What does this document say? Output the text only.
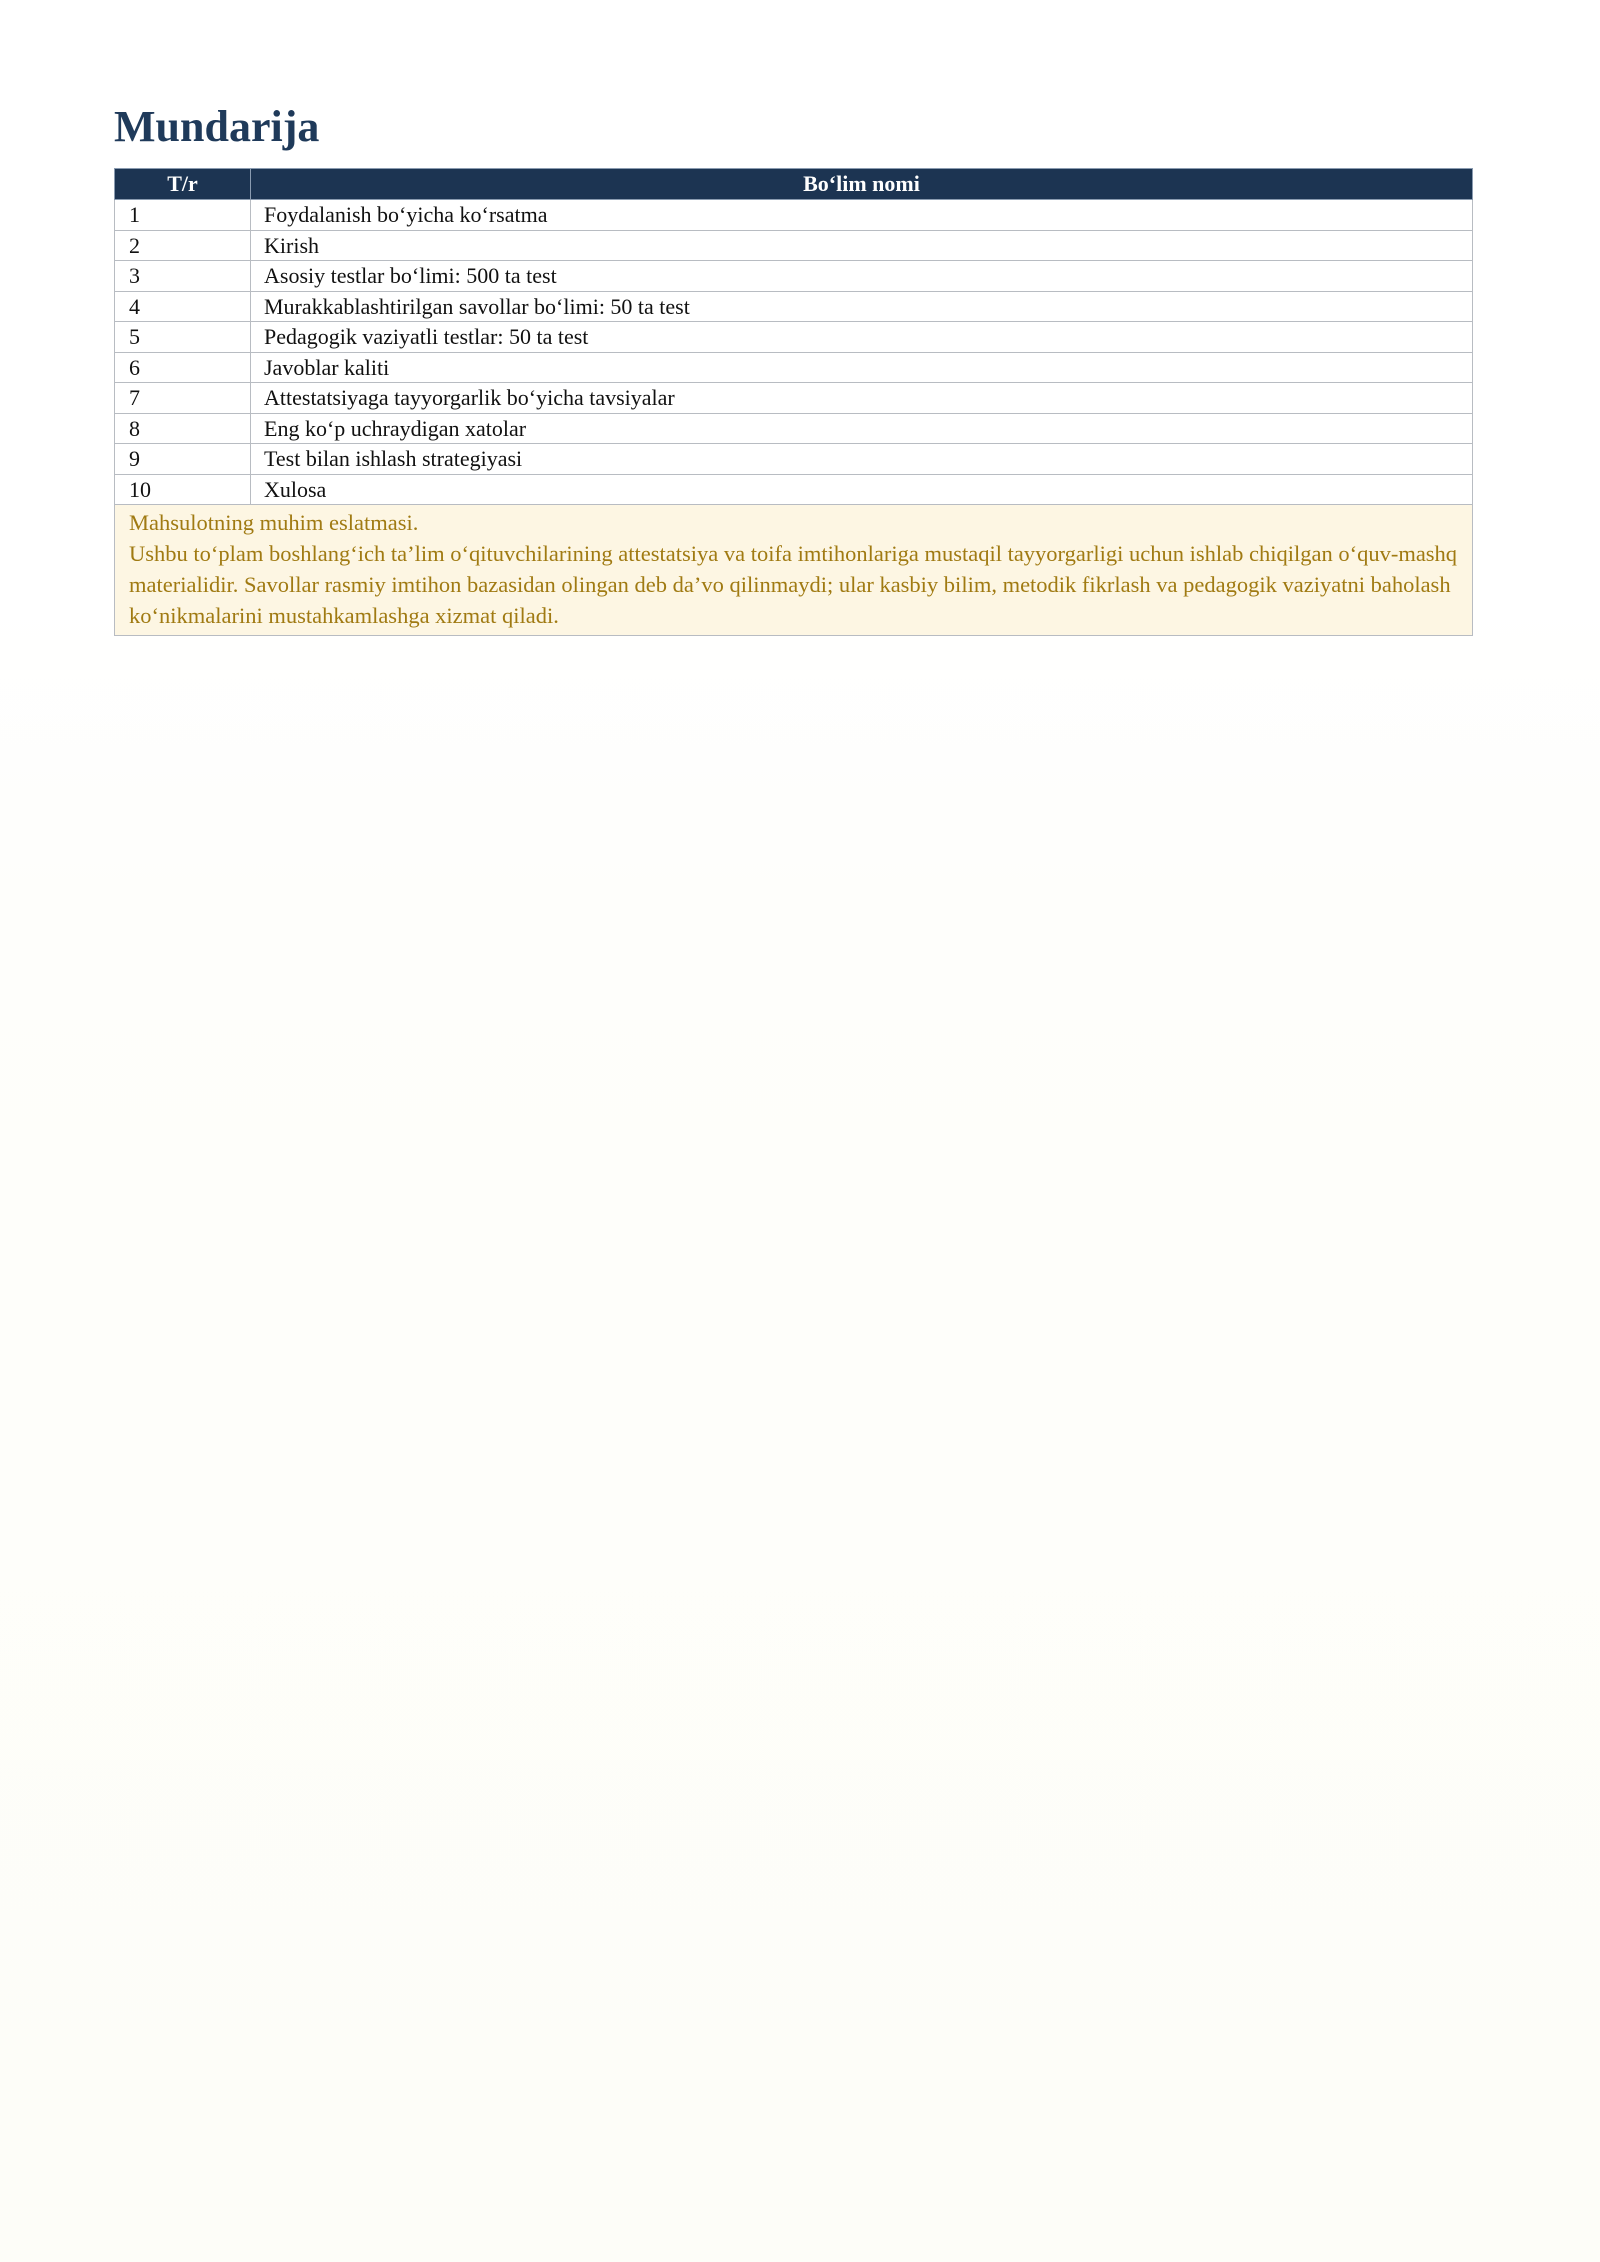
Mundarija
T/r	Bo‘lim nomi
1	Foydalanish bo‘yicha ko‘rsatma
2	Kirish
3	Asosiy testlar bo‘limi: 500 ta test
4	Murakkablashtirilgan savollar bo‘limi: 50 ta test
5	Pedagogik vaziyatli testlar: 50 ta test
6	Javoblar kaliti
7	Attestatsiyaga tayyorgarlik bo‘yicha tavsiyalar
8	Eng ko‘p uchraydigan xatolar
9	Test bilan ishlash strategiyasi
10	Xulosa

Mahsulotning muhim eslatmasi.
Ushbu to‘plam boshlang‘ich ta’lim o‘qituvchilarining attestatsiya va toifa imtihonlariga mustaqil tayyorgarligi uchun ishlab chiqilgan o‘quv-mashq materialidir. Savollar rasmiy imtihon bazasidan olingan deb da’vo qilinmaydi; ular kasbiy bilim, metodik fikrlash va pedagogik vaziyatni baholash ko‘nikmalarini mustahkamlashga xizmat qiladi.	
